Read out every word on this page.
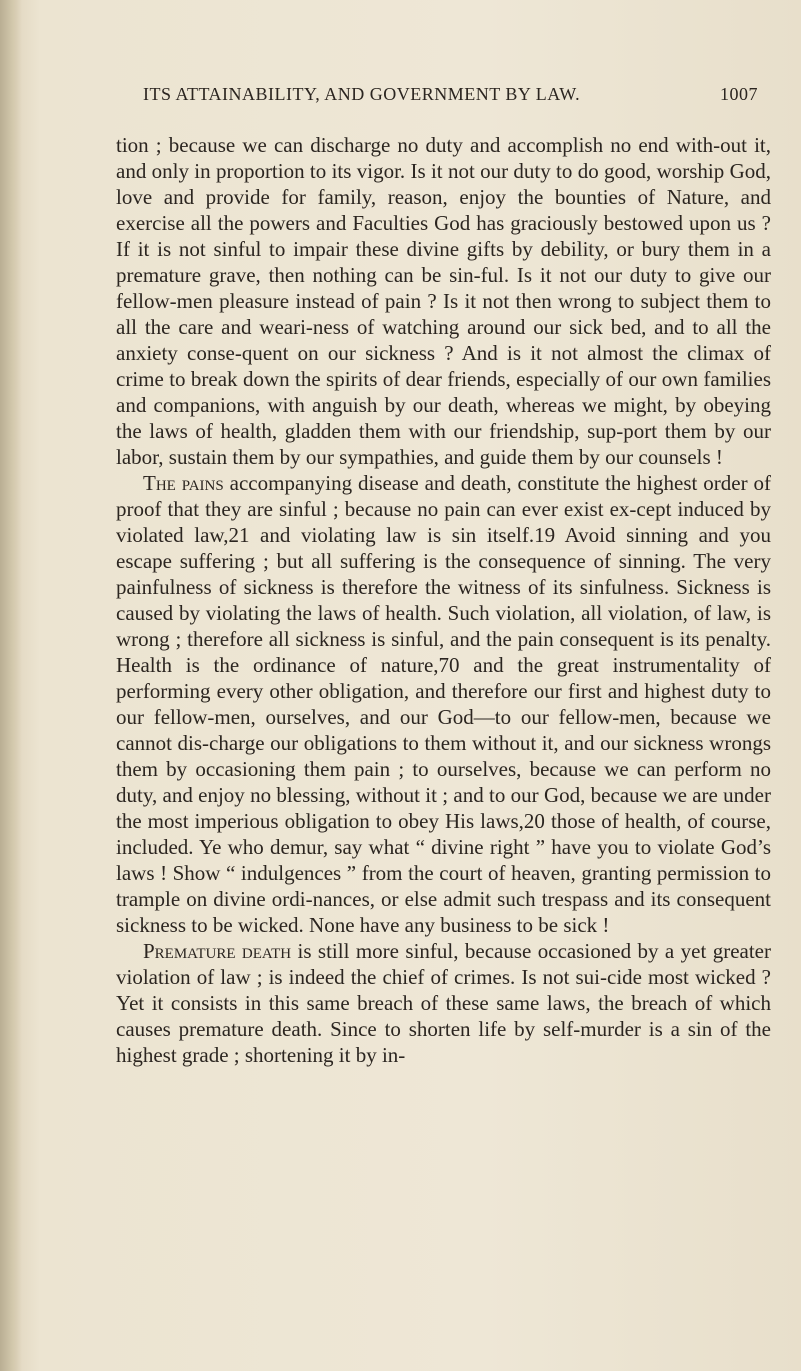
ITS ATTAINABILITY, AND GOVERNMENT BY LAW.	1007

tion ; because we can discharge no duty and accomplish no end with-out it, and only in proportion to its vigor. Is it not our duty to do good, worship God, love and provide for family, reason, enjoy the bounties of Nature, and exercise all the powers and Faculties God has graciously bestowed upon us ? If it is not sinful to impair these divine gifts by debility, or bury them in a premature grave, then nothing can be sin-ful. Is it not our duty to give our fellow-men pleasure instead of pain ? Is it not then wrong to subject them to all the care and weari-ness of watching around our sick bed, and to all the anxiety conse-quent on our sickness ? And is it not almost the climax of crime to break down the spirits of dear friends, especially of our own families and companions, with anguish by our death, whereas we might, by obeying the laws of health, gladden them with our friendship, sup-port them by our labor, sustain them by our sympathies, and guide them by our counsels !

The pains accompanying disease and death, constitute the highest order of proof that they are sinful ; because no pain can ever exist ex-cept induced by violated law,21 and violating law is sin itself.19 Avoid sinning and you escape suffering ; but all suffering is the consequence of sinning. The very painfulness of sickness is therefore the witness of its sinfulness. Sickness is caused by violating the laws of health. Such violation, all violation, of law, is wrong ; therefore all sickness is sinful, and the pain consequent is its penalty. Health is the ordinance of nature,70 and the great instrumentality of performing every other obligation, and therefore our first and highest duty to our fellow-men, ourselves, and our God—to our fellow-men, because we cannot dis-charge our obligations to them without it, and our sickness wrongs them by occasioning them pain ; to ourselves, because we can perform no duty, and enjoy no blessing, without it ; and to our God, because we are under the most imperious obligation to obey His laws,20 those of health, of course, included. Ye who demur, say what “ divine right ” have you to violate God’s laws ! Show “ indulgences ” from the court of heaven, granting permission to trample on divine ordi-nances, or else admit such trespass and its consequent sickness to be wicked. None have any business to be sick !

Premature death is still more sinful, because occasioned by a yet greater violation of law ; is indeed the chief of crimes. Is not sui-cide most wicked ? Yet it consists in this same breach of these same laws, the breach of which causes premature death. Since to shorten life by self-murder is a sin of the highest grade ; shortening it by in-
